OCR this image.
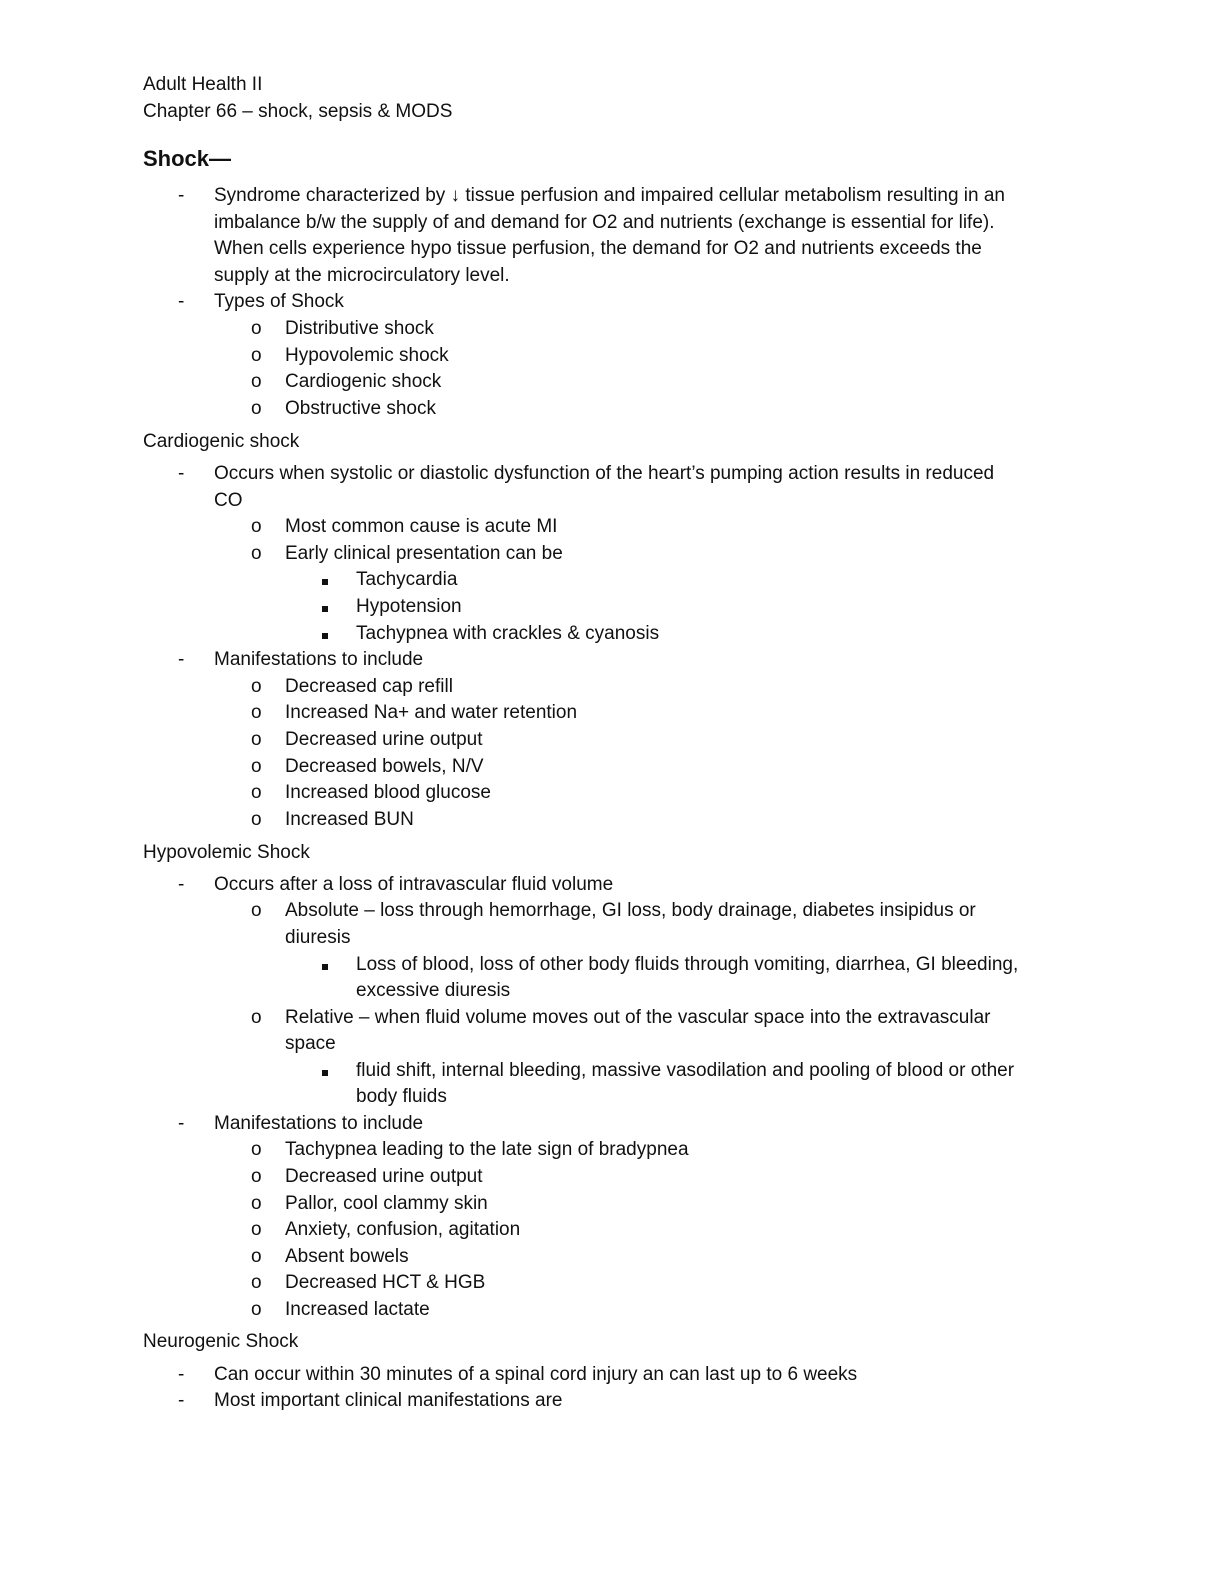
Adult Health II
Chapter 66 – shock, sepsis & MODS
Shock—
- Syndrome characterized by ↓ tissue perfusion and impaired cellular metabolism resulting in an
imbalance b/w the supply of and demand for O2 and nutrients (exchange is essential for life).
When cells experience hypo tissue perfusion, the demand for O2 and nutrients exceeds the
supply at the microcirculatory level.
- Types of Shock
o Distributive shock
o Hypovolemic shock
o Cardiogenic shock
o Obstructive shock
Cardiogenic shock
- Occurs when systolic or diastolic dysfunction of the heart’s pumping action results in reduced
CO
o Most common cause is acute MI
o Early clinical presentation can be
Tachycardia
Hypotension
Tachypnea with crackles & cyanosis
- Manifestations to include
o Decreased cap refill
o Increased Na+ and water retention
o Decreased urine output
o Decreased bowels, N/V
o Increased blood glucose
o Increased BUN
Hypovolemic Shock
- Occurs after a loss of intravascular fluid volume
o Absolute – loss through hemorrhage, GI loss, body drainage, diabetes insipidus or
diuresis
Loss of blood, loss of other body fluids through vomiting, diarrhea, GI bleeding,
excessive diuresis
o Relative – when fluid volume moves out of the vascular space into the extravascular
space
fluid shift, internal bleeding, massive vasodilation and pooling of blood or other
body fluids
- Manifestations to include
o Tachypnea leading to the late sign of bradypnea
o Decreased urine output
o Pallor, cool clammy skin
o Anxiety, confusion, agitation
o Absent bowels
o Decreased HCT & HGB
o Increased lactate
Neurogenic Shock
- Can occur within 30 minutes of a spinal cord injury an can last up to 6 weeks
- Most important clinical manifestations are
